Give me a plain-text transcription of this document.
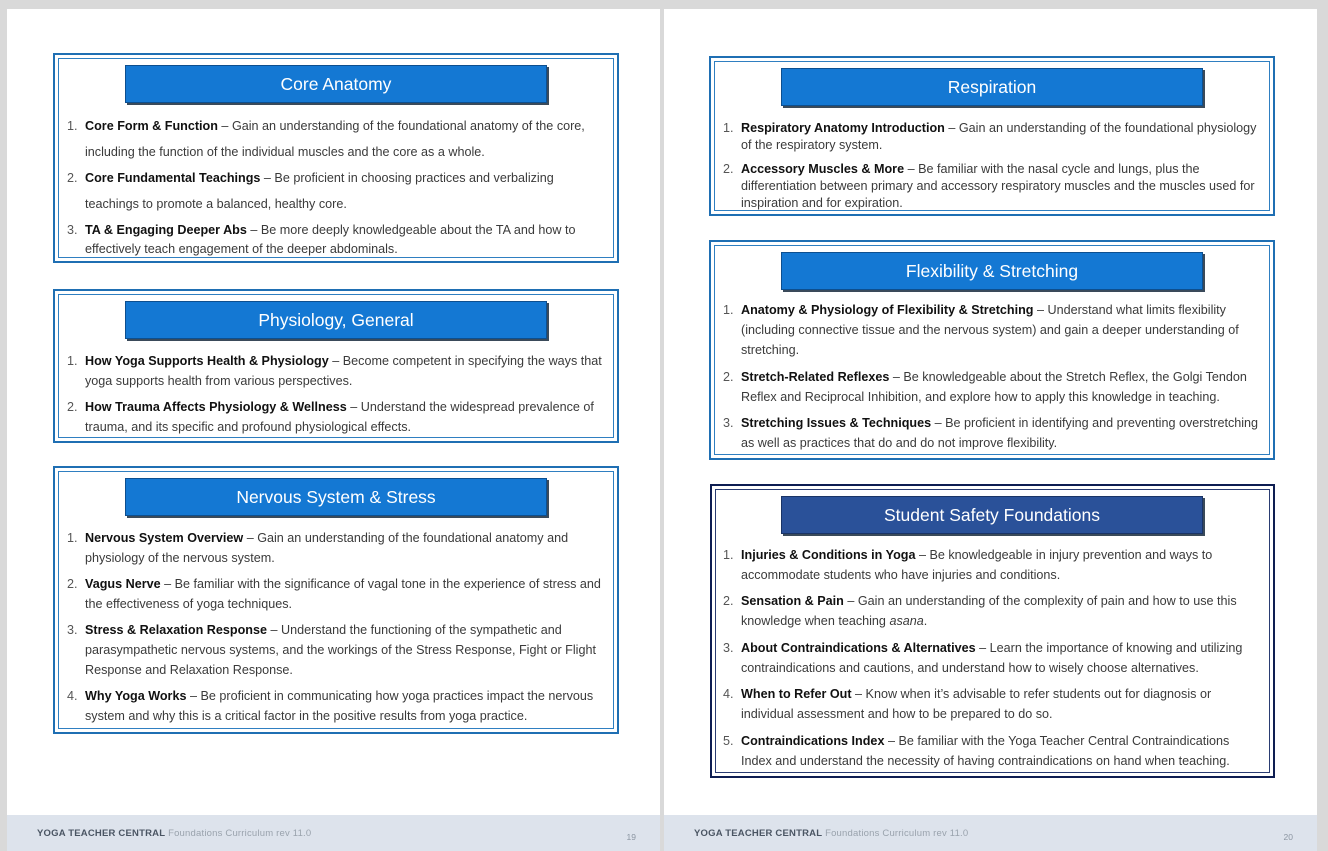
Core Anatomy
1. Core Form & Function – Gain an understanding of the foundational anatomy of the core, including the function of the individual muscles and the core as a whole.
2. Core Fundamental Teachings – Be proficient in choosing practices and verbalizing teachings to promote a balanced, healthy core.
3. TA & Engaging Deeper Abs – Be more deeply knowledgeable about the TA and how to effectively teach engagement of the deeper abdominals.
Physiology, General
1. How Yoga Supports Health & Physiology – Become competent in specifying the ways that yoga supports health from various perspectives.
2. How Trauma Affects Physiology & Wellness – Understand the widespread prevalence of trauma, and its specific and profound physiological effects.
Nervous System & Stress
1. Nervous System Overview – Gain an understanding of the foundational anatomy and physiology of the nervous system.
2. Vagus Nerve – Be familiar with the significance of vagal tone in the experience of stress and the effectiveness of yoga techniques.
3. Stress & Relaxation Response – Understand the functioning of the sympathetic and parasympathetic nervous systems, and the workings of the Stress Response, Fight or Flight Response and Relaxation Response.
4. Why Yoga Works – Be proficient in communicating how yoga practices impact the nervous system and why this is a critical factor in the positive results from yoga practice.
YOGA TEACHER CENTRAL Foundations Curriculum rev 11.0	19
Respiration
1. Respiratory Anatomy Introduction – Gain an understanding of the foundational physiology of the respiratory system.
2. Accessory Muscles & More – Be familiar with the nasal cycle and lungs, plus the differentiation between primary and accessory respiratory muscles and the muscles used for inspiration and for expiration.
Flexibility & Stretching
1. Anatomy & Physiology of Flexibility & Stretching – Understand what limits flexibility (including connective tissue and the nervous system) and gain a deeper understanding of stretching.
2. Stretch-Related Reflexes – Be knowledgeable about the Stretch Reflex, the Golgi Tendon Reflex and Reciprocal Inhibition, and explore how to apply this knowledge in teaching.
3. Stretching Issues & Techniques – Be proficient in identifying and preventing overstretching as well as practices that do and do not improve flexibility.
Student Safety Foundations
1. Injuries & Conditions in Yoga – Be knowledgeable in injury prevention and ways to accommodate students who have injuries and conditions.
2. Sensation & Pain – Gain an understanding of the complexity of pain and how to use this knowledge when teaching asana.
3. About Contraindications & Alternatives – Learn the importance of knowing and utilizing contraindications and cautions, and understand how to wisely choose alternatives.
4. When to Refer Out – Know when it’s advisable to refer students out for diagnosis or individual assessment and how to be prepared to do so.
5. Contraindications Index – Be familiar with the Yoga Teacher Central Contraindications Index and understand the necessity of having contraindications on hand when teaching.
YOGA TEACHER CENTRAL Foundations Curriculum rev 11.0	20
